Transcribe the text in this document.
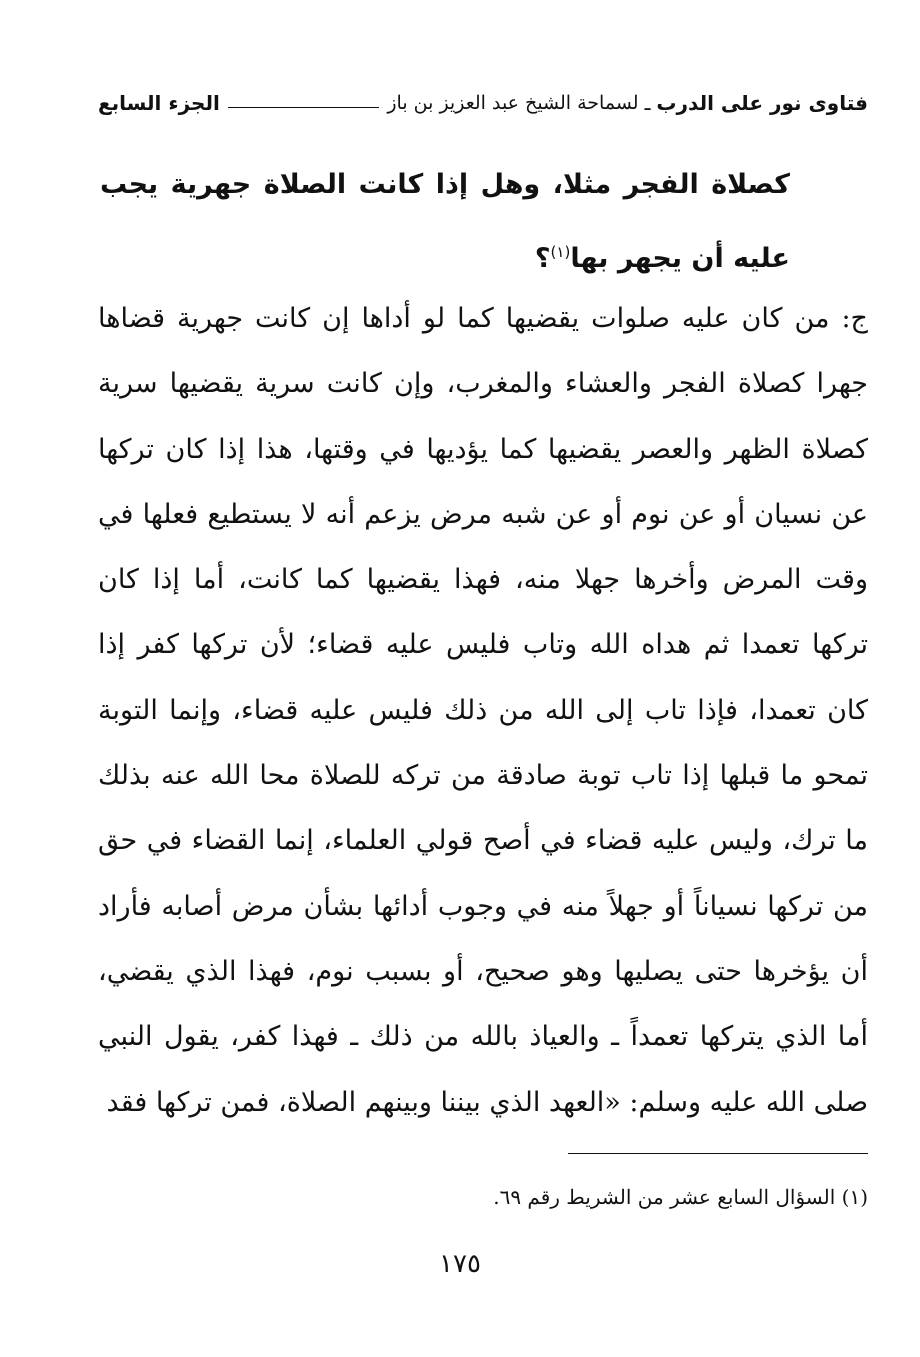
فتاوى نور على الدرب
ـ
لسماحة الشيخ عبد العزيز بن باز
الجزء السابع
كصلاة الفجر مثلا، وهل إذا كانت الصلاة جهرية يجب عليه أن يجهر بها$^{(١)}$؟
ج: من كان عليه صلوات يقضيها كما لو أداها إن كانت جهرية قضاها جهرا كصلاة الفجر والعشاء والمغرب، وإن كانت سرية يقضيها سرية كصلاة الظهر والعصر يقضيها كما يؤديها في وقتها، هذا إذا كان تركها عن نسيان أو عن نوم أو عن شبه مرض يزعم أنه لا يستطيع فعلها في وقت المرض وأخرها جهلا منه، فهذا يقضيها كما كانت، أما إذا كان تركها تعمدا ثم هداه الله وتاب فليس عليه قضاء؛ لأن تركها كفر إذا كان تعمدا، فإذا تاب إلى الله من ذلك فليس عليه قضاء، وإنما التوبة تمحو ما قبلها إذا تاب توبة صادقة من تركه للصلاة محا الله عنه بذلك ما ترك، وليس عليه قضاء في أصح قولي العلماء، إنما القضاء في حق من تركها نسياناً أو جهلاً منه في وجوب أدائها بشأن مرض أصابه فأراد أن يؤخرها حتى يصليها وهو صحيح، أو بسبب نوم، فهذا الذي يقضي، أما الذي يتركها تعمداً ـ والعياذ بالله من ذلك ـ فهذا كفر، يقول النبي صلى الله عليه وسلم: «العهد الذي بيننا وبينهم الصلاة، فمن تركها فقد
(١) السؤال السابع عشر من الشريط رقم ٦٩.
١٧٥
